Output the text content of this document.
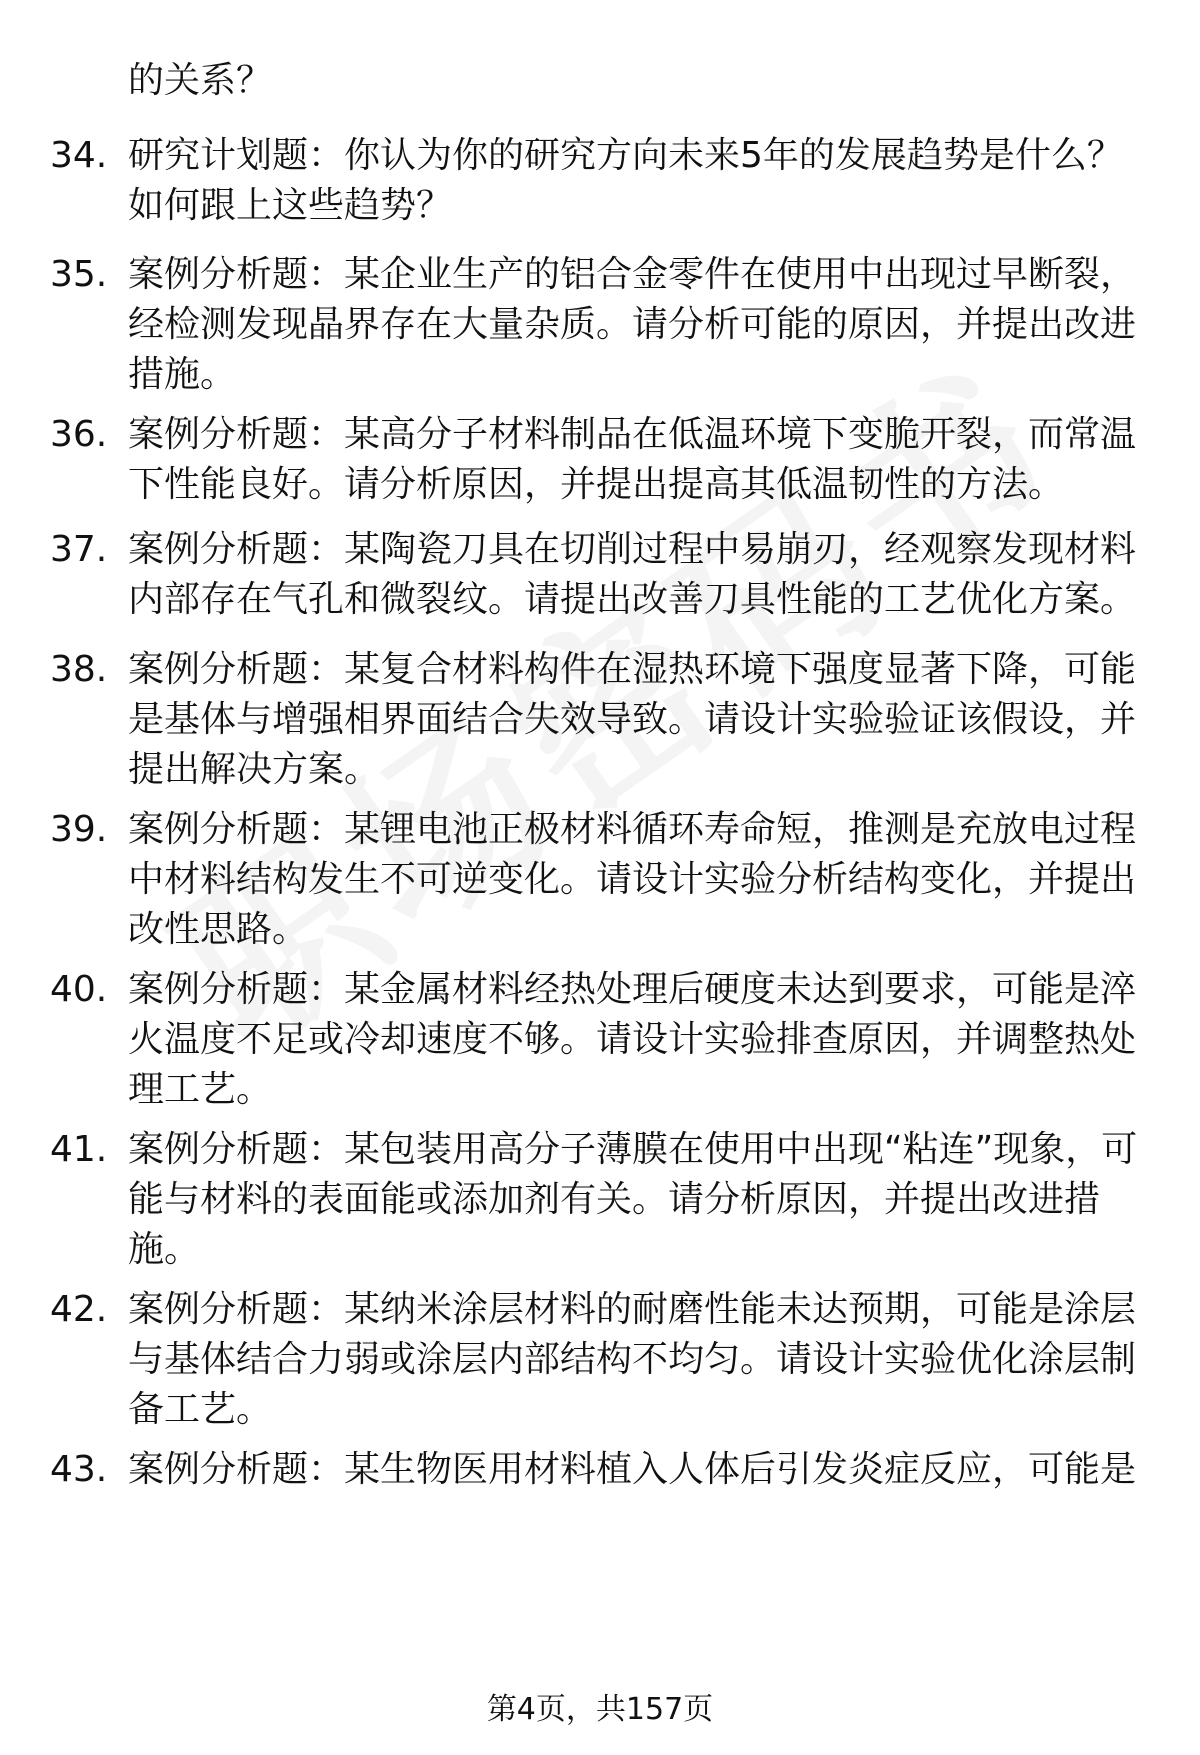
的关系？
34. 研究计划题：你认为你的研究方向未来5年的发展趋势是什么？如何跟上这些趋势？
35. 案例分析题：某企业生产的铝合金零件在使用中出现过早断裂，经检测发现晶界存在大量杂质。请分析可能的原因，并提出改进措施。
36. 案例分析题：某高分子材料制品在低温环境下变脆开裂，而常温下性能良好。请分析原因，并提出提高其低温韧性的方法。
37. 案例分析题：某陶瓷刀具在切削过程中易崩刃，经观察发现材料内部存在气孔和微裂纹。请提出改善刀具性能的工艺优化方案。
38. 案例分析题：某复合材料构件在湿热环境下强度显著下降，可能是基体与增强相界面结合失效导致。请设计实验验证该假设，并提出解决方案。
39. 案例分析题：某锂电池正极材料循环寿命短，推测是充放电过程中材料结构发生不可逆变化。请设计实验分析结构变化，并提出改性思路。
40. 案例分析题：某金属材料经热处理后硬度未达到要求，可能是淬火温度不足或冷却速度不够。请设计实验排查原因，并调整热处理工艺。
41. 案例分析题：某包装用高分子薄膜在使用中出现“粘连”现象，可能与材料的表面能或添加剂有关。请分析原因，并提出改进措施。
42. 案例分析题：某纳米涂层材料的耐磨性能未达预期，可能是涂层与基体结合力弱或涂层内部结构不均匀。请设计实验优化涂层制备工艺。
43. 案例分析题：某生物医用材料植入人体后引发炎症反应，可能是
第4页，共157页
